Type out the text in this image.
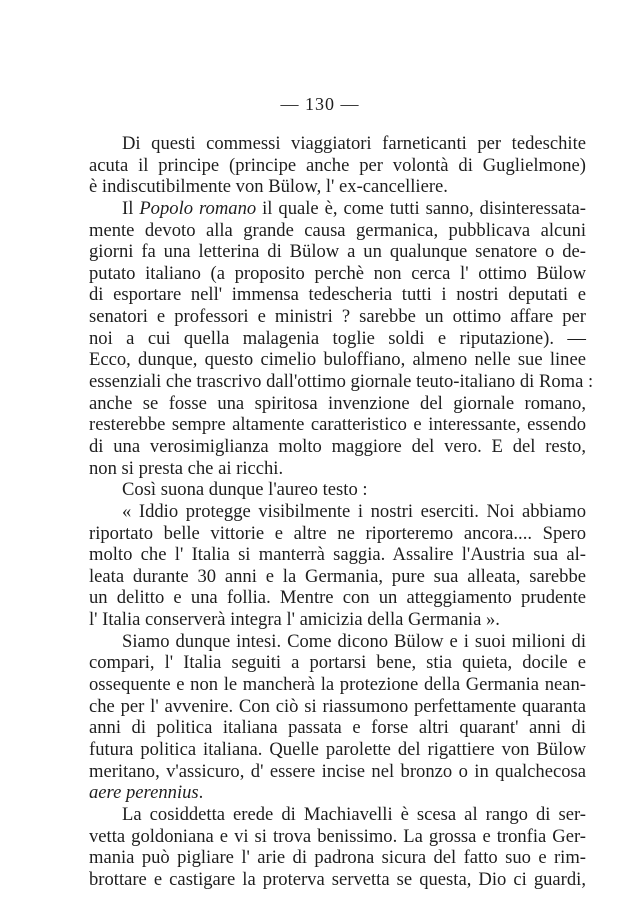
— 130 —
Di questi commessi viaggiatori farneticanti per tedeschite
acuta il principe (principe anche per volontà di Guglielmone)
è indiscutibilmente von Bülow, l' ex-cancelliere.
Il Popolo romano il quale è, come tutti sanno, disinteressata-
mente devoto alla grande causa germanica, pubblicava alcuni
giorni fa una letterina di Bülow a un qualunque senatore o de-
putato italiano (a proposito perchè non cerca l' ottimo Bülow
di esportare nell' immensa tedescheria tutti i nostri deputati e
senatori e professori e ministri ? sarebbe un ottimo affare per
noi a cui quella malagenia toglie soldi e riputazione). —
Ecco, dunque, questo cimelio buloffiano, almeno nelle sue linee
essenziali che trascrivo dall'ottimo giornale teuto-italiano di Roma :
anche se fosse una spiritosa invenzione del giornale romano,
resterebbe sempre altamente caratteristico e interessante, essendo
di una verosimiglianza molto maggiore del vero. E del resto,
non si presta che ai ricchi.
Così suona dunque l'aureo testo :
« Iddio protegge visibilmente i nostri eserciti. Noi abbiamo
riportato belle vittorie e altre ne riporteremo ancora.... Spero
molto che l' Italia si manterrà saggia. Assalire l'Austria sua al-
leata durante 30 anni e la Germania, pure sua alleata, sarebbe
un delitto e una follia. Mentre con un atteggiamento prudente
l' Italia conserverà integra l' amicizia della Germania ».
Siamo dunque intesi. Come dicono Bülow e i suoi milioni di
compari, l' Italia seguiti a portarsi bene, stia quieta, docile e
ossequente e non le mancherà la protezione della Germania nean-
che per l' avvenire. Con ciò si riassumono perfettamente quaranta
anni di politica italiana passata e forse altri quarant' anni di
futura politica italiana. Quelle parolette del rigattiere von Bülow
meritano, v'assicuro, d' essere incise nel bronzo o in qualchecosa
aere perennius.
La cosiddetta erede di Machiavelli è scesa al rango di ser-
vetta goldoniana e vi si trova benissimo. La grossa e tronfia Ger-
mania può pigliare l' arie di padrona sicura del fatto suo e rim-
brottare e castigare la proterva servetta se questa, Dio ci guardi,
